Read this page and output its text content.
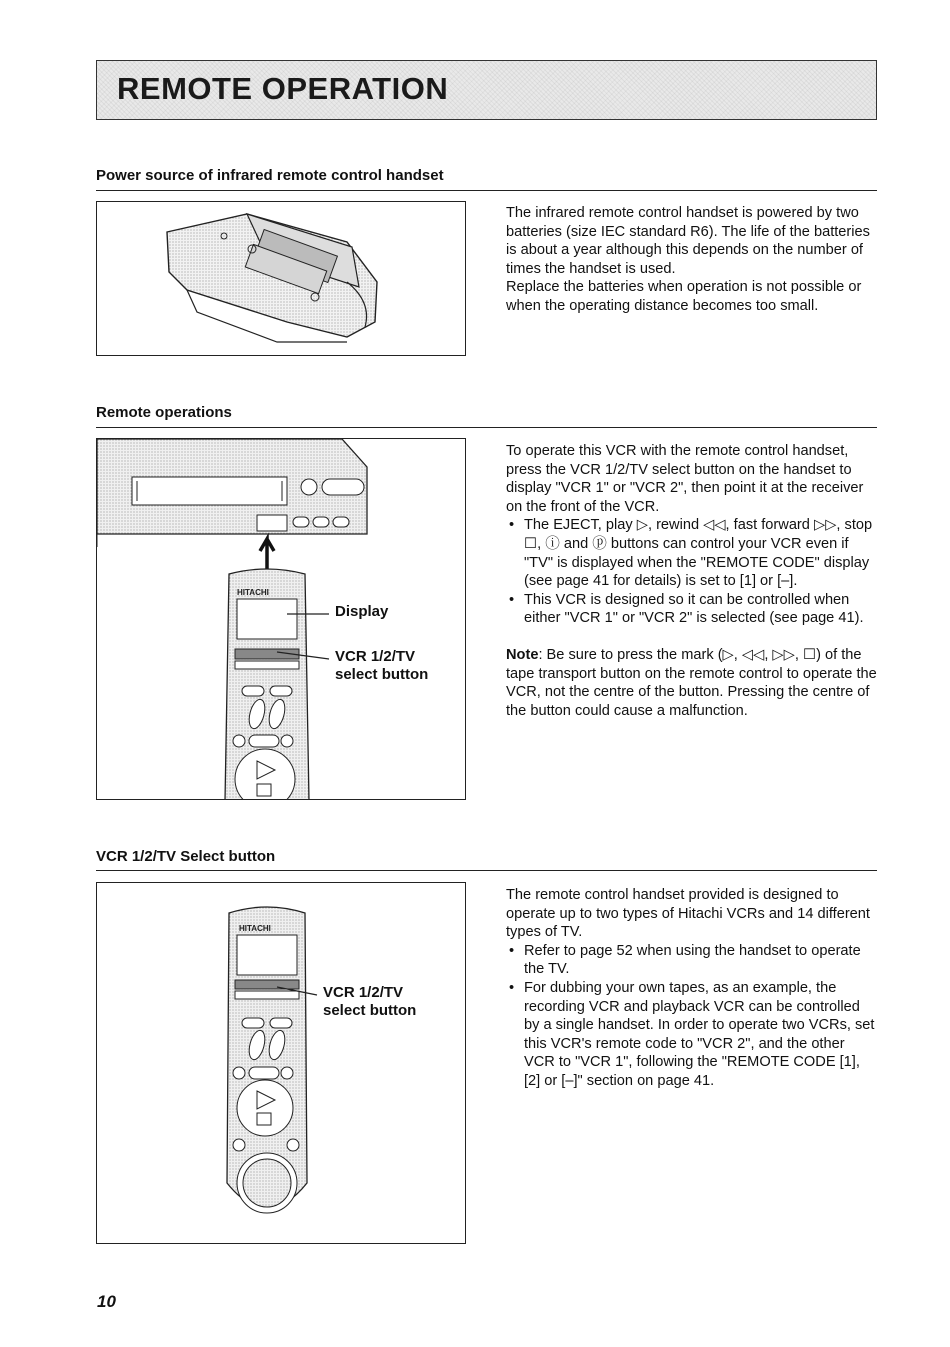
REMOTE OPERATION
Power source of infrared remote control handset

The infrared remote control handset is powered by two batteries (size IEC standard R6). The life of the batteries is about a year although this depends on the number of times the handset is used.

Replace the batteries when operation is not possible or when the operating distance becomes too small.

Remote operations
HITACHI
Display
VCR 1/2/TV
select button

To operate this VCR with the remote control handset, press the VCR 1/2/TV select button on the handset to display "VCR 1" or "VCR 2", then point it at the receiver on the front of the VCR.

• The EJECT, play ▷, rewind ◁◁, fast forward ▷▷, stop ☐, ⓘ and ⓟ buttons can control your VCR even if "TV" is displayed when the "REMOTE CODE" display (see page 41 for details) is set to [1] or [–].
• This VCR is designed so it can be controlled when either "VCR 1" or "VCR 2" is selected (see page 41).

Note: Be sure to press the mark (▷, ◁◁, ▷▷, ☐) of the tape transport button on the remote control to operate the VCR, not the centre of the button. Pressing the centre of the button could cause a malfunction.

VCR 1/2/TV Select button
HITACHI
VCR 1/2/TV
select button

The remote control handset provided is designed to operate up to two types of Hitachi VCRs and 14 different types of TV.

• Refer to page 52 when using the handset to operate the TV.
• For dubbing your own tapes, as an example, the recording VCR and playback VCR can be controlled by a single handset. In order to operate two VCRs, set this VCR's remote code to "VCR 2", and the other VCR to "VCR 1", following the "REMOTE CODE [1], [2] or [–]" section on page 41.
10
